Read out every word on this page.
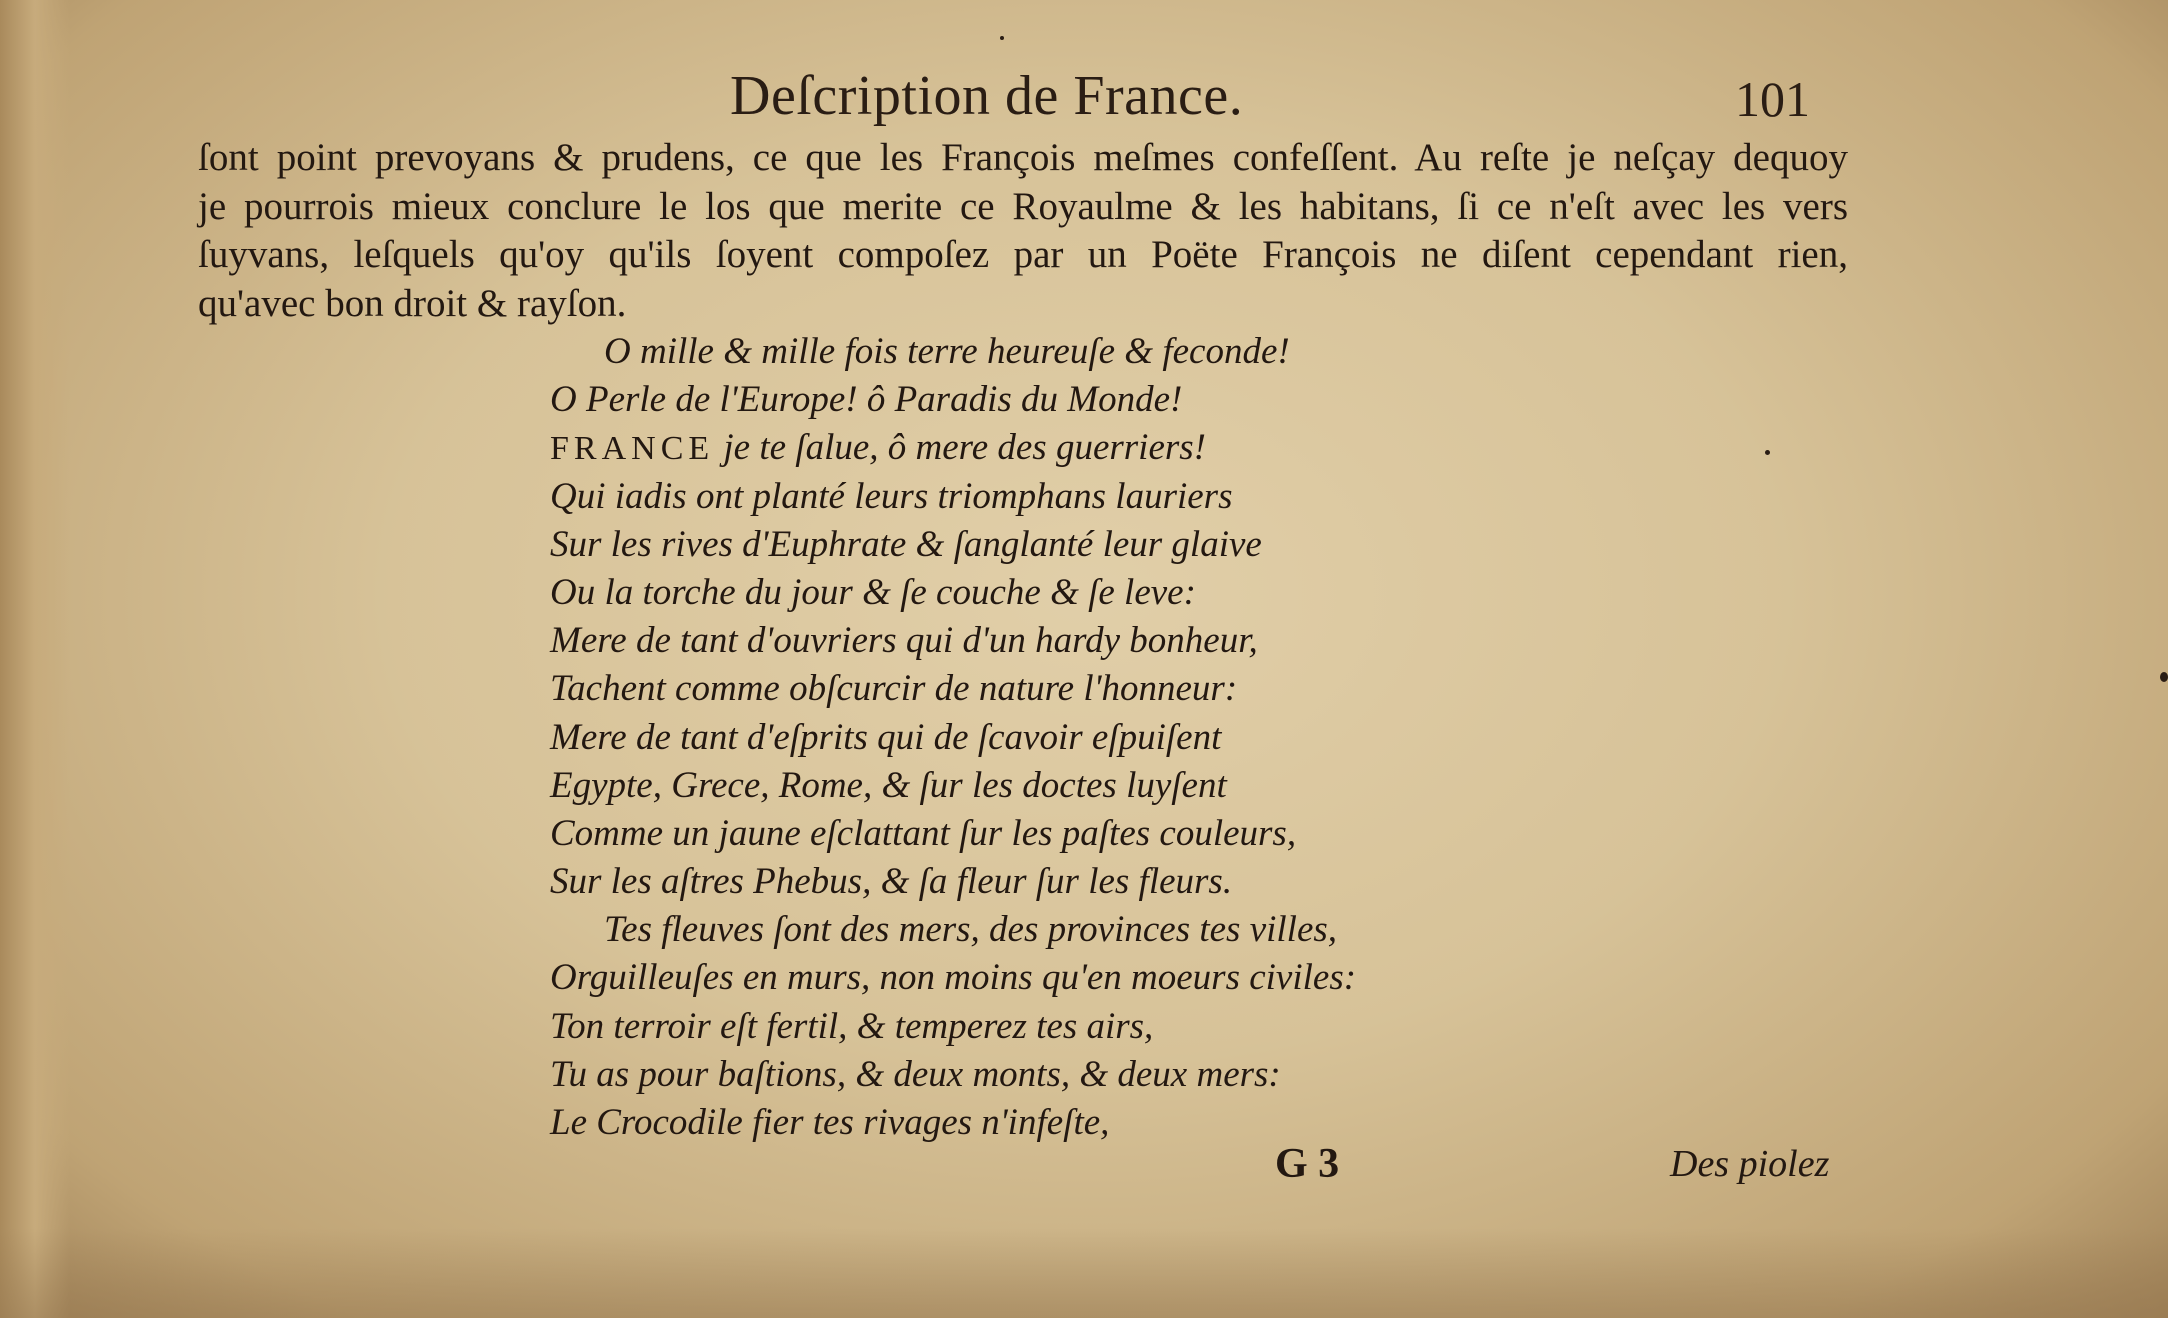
Deſcription de France.	101
ſont point prevoyans & prudens, ce que les François meſmes confeſſent. Au reſte je neſçay dequoy
je pourrois mieux conclure le los que merite ce Royaulme & les habitans, ſi ce n'eſt avec les vers
ſuyvans, leſquels qu'oy qu'ils ſoyent compoſez par un Poëte François ne diſent cependant rien,
qu'avec bon droit & rayſon.
O mille & mille fois terre heureuſe & feconde!
O Perle de l'Europe! ô Paradis du Monde!
FRANCE je te ſalue, ô mere des guerriers!
Qui iadis ont planté leurs triomphans lauriers
Sur les rives d'Euphrate & ſanglanté leur glaive
Ou la torche du jour & ſe couche & ſe leve:
Mere de tant d'ouvriers qui d'un hardy bonheur,
Tachent comme obſcurcir de nature l'honneur:
Mere de tant d'eſprits qui de ſcavoir eſpuiſent
Egypte, Grece, Rome, & ſur les doctes luyſent
Comme un jaune eſclattant ſur les paſtes couleurs,
Sur les aſtres Phebus, & ſa fleur ſur les fleurs.
Tes fleuves ſont des mers, des provinces tes villes,
Orguilleuſes en murs, non moins qu'en moeurs civiles:
Ton terroir eſt fertil, & temperez tes airs,
Tu as pour baſtions, & deux monts, & deux mers:
Le Crocodile fier tes rivages n'infeſte,
G 3	Des piolez
